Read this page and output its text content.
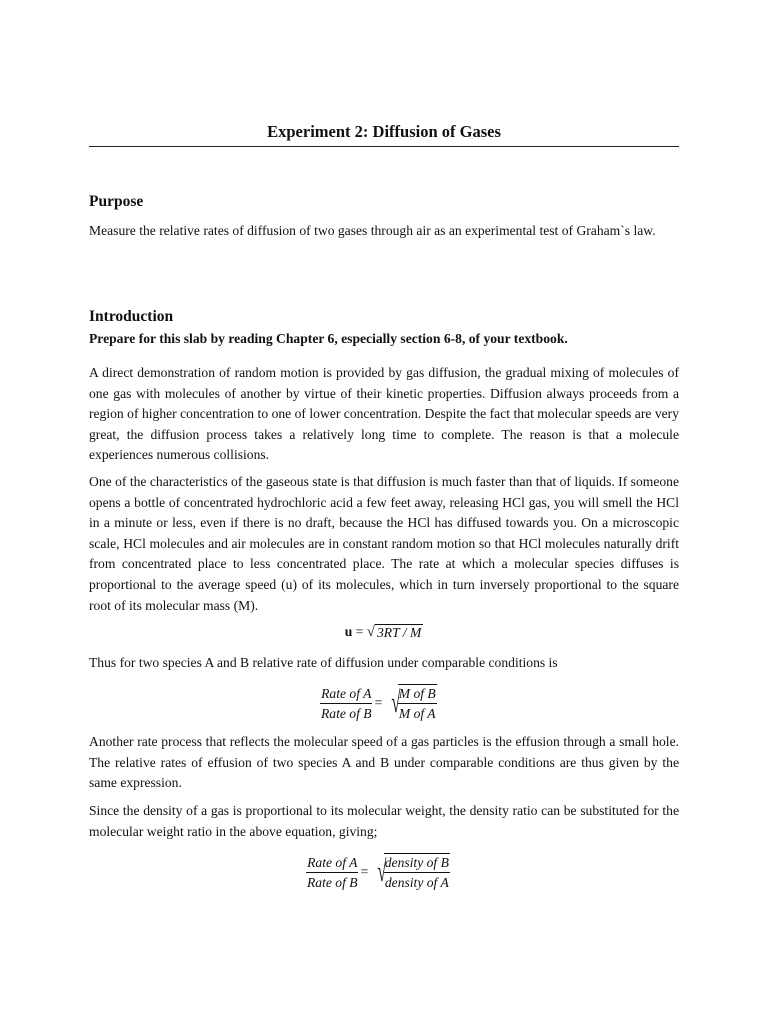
Experiment 2: Diffusion of Gases
Purpose
Measure the relative rates of diffusion of two gases through air as an experimental test of Graham`s law.
Introduction
Prepare for this slab by reading Chapter 6, especially section 6-8, of your textbook.
A direct demonstration of random motion is provided by gas diffusion, the gradual mixing of molecules of one gas with molecules of another by virtue of their kinetic properties. Diffusion always proceeds from a region of higher concentration to one of lower concentration. Despite the fact that molecular speeds are very great, the diffusion process takes a relatively long time to complete. The reason is that a molecule experiences numerous collisions.
One of the characteristics of the gaseous state is that diffusion is much faster than that of liquids. If someone opens a bottle of concentrated hydrochloric acid a few feet away, releasing HCl gas, you will smell the HCl in a minute or less, even if there is no draft, because the HCl has diffused towards you. On a microscopic scale, HCl molecules and air molecules are in constant random motion so that HCl molecules naturally drift from concentrated place to less concentrated place. The rate at which a molecular species diffuses is proportional to the average speed (u) of its molecules, which in turn inversely proportional to the square root of its molecular mass (M).
u = √ 3RT / M
Thus for two species A and B relative rate of diffusion under comparable conditions is
$\frac{\text{Rate of A}}{\text{Rate of B}}$ = √
$\frac{\text{M of B}}{\text{M of A}}$
Another rate process that reflects the molecular speed of a gas particles is the effusion through a small hole. The relative rates of effusion of two species A and B under comparable conditions are thus given by the same expression.
Since the density of a gas is proportional to its molecular weight, the density ratio can be substituted for the molecular weight ratio in the above equation, giving;
$\frac{\text{Rate of A}}{\text{Rate of B}}$ = √
$\frac{\text{density of B}}{\text{density of A}}$
